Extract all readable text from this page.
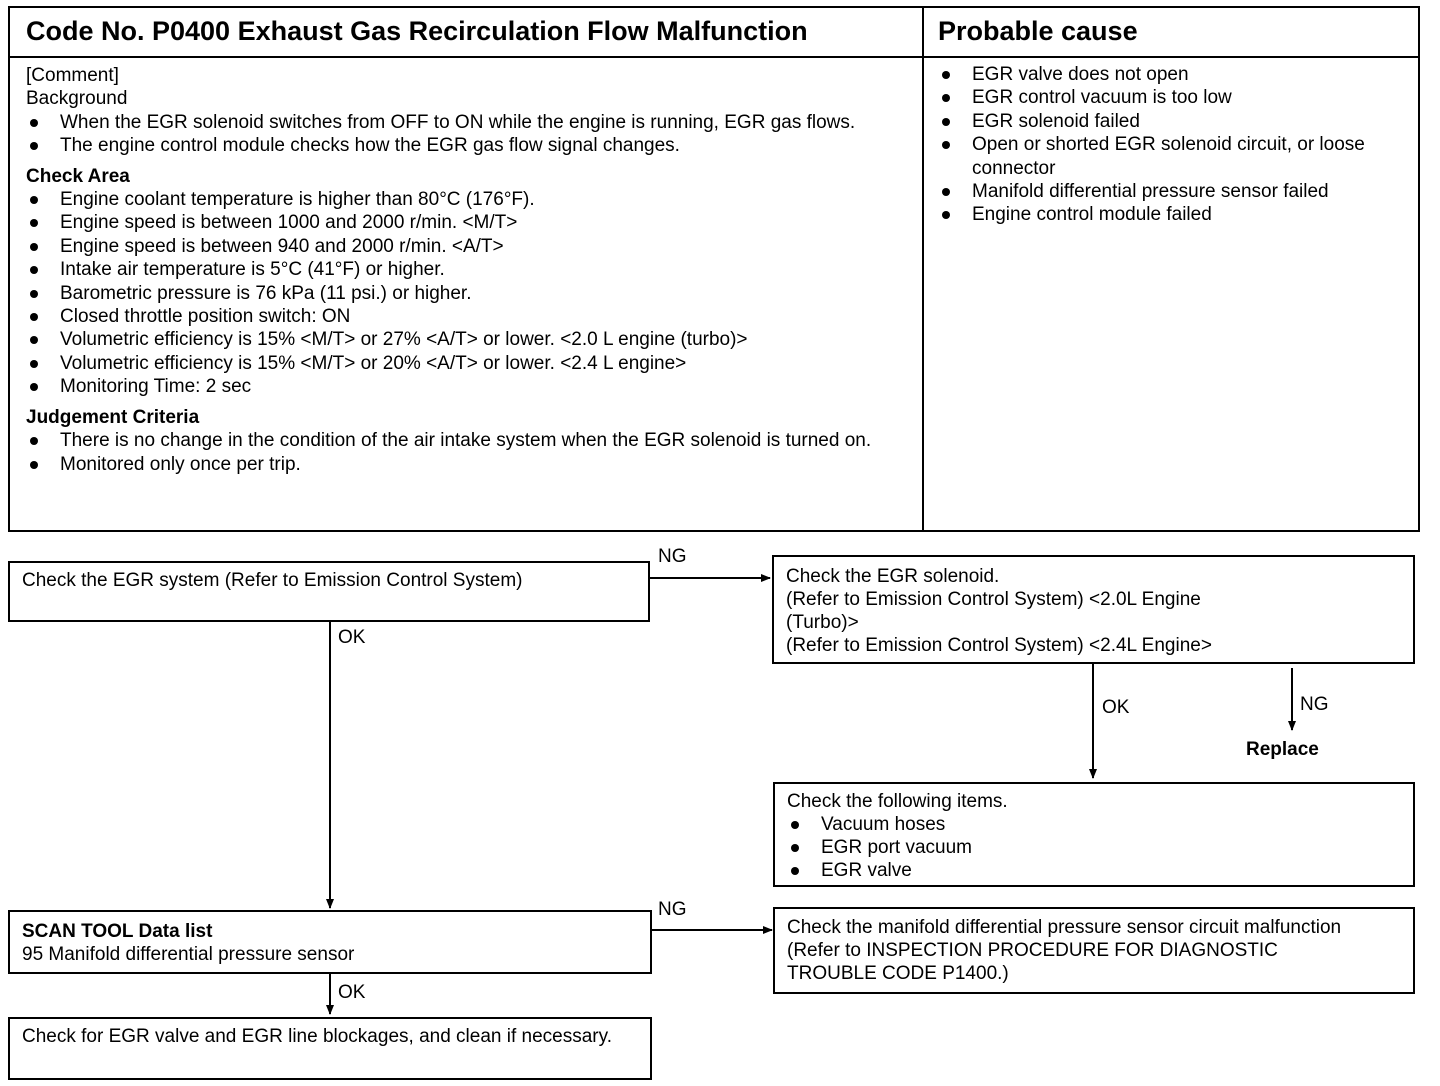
Code No. P0400 Exhaust Gas Recirculation Flow Malfunction	Probable cause
[Comment]
Background
When the EGR solenoid switches from OFF to ON while the engine is running, EGR gas flows.
The engine control module checks how the EGR gas flow signal changes.
Check Area
Engine coolant temperature is higher than 80°C (176°F).
Engine speed is between 1000 and 2000 r/min. <M/T>
Engine speed is between 940 and 2000 r/min. <A/T>
Intake air temperature is 5°C (41°F) or higher.
Barometric pressure is 76 kPa (11 psi.) or higher.
Closed throttle position switch: ON
Volumetric efficiency is 15% <M/T> or 27% <A/T> or lower. <2.0 L engine (turbo)>
Volumetric efficiency is 15% <M/T> or 20% <A/T> or lower. <2.4 L engine>
Monitoring Time: 2 sec
Judgement Criteria
There is no change in the condition of the air intake system when the EGR solenoid is turned on.
Monitored only once per trip.
EGR valve does not open
EGR control vacuum is too low
EGR solenoid failed
Open or shorted EGR solenoid circuit, or loose connector
Manifold differential pressure sensor failed
Engine control module failed
Check the EGR system (Refer to Emission Control System)
NG
OK
Check the EGR solenoid.
(Refer to Emission Control System) <2.0L Engine
(Turbo)>
(Refer to Emission Control System) <2.4L Engine>
OK	NG
Replace
Check the following items.
Vacuum hoses
EGR port vacuum
EGR valve
SCAN TOOL Data list
95 Manifold differential pressure sensor
NG
OK
Check the manifold differential pressure sensor circuit malfunction
(Refer to INSPECTION PROCEDURE FOR DIAGNOSTIC
TROUBLE CODE P1400.)
Check for EGR valve and EGR line blockages, and clean if necessary.
